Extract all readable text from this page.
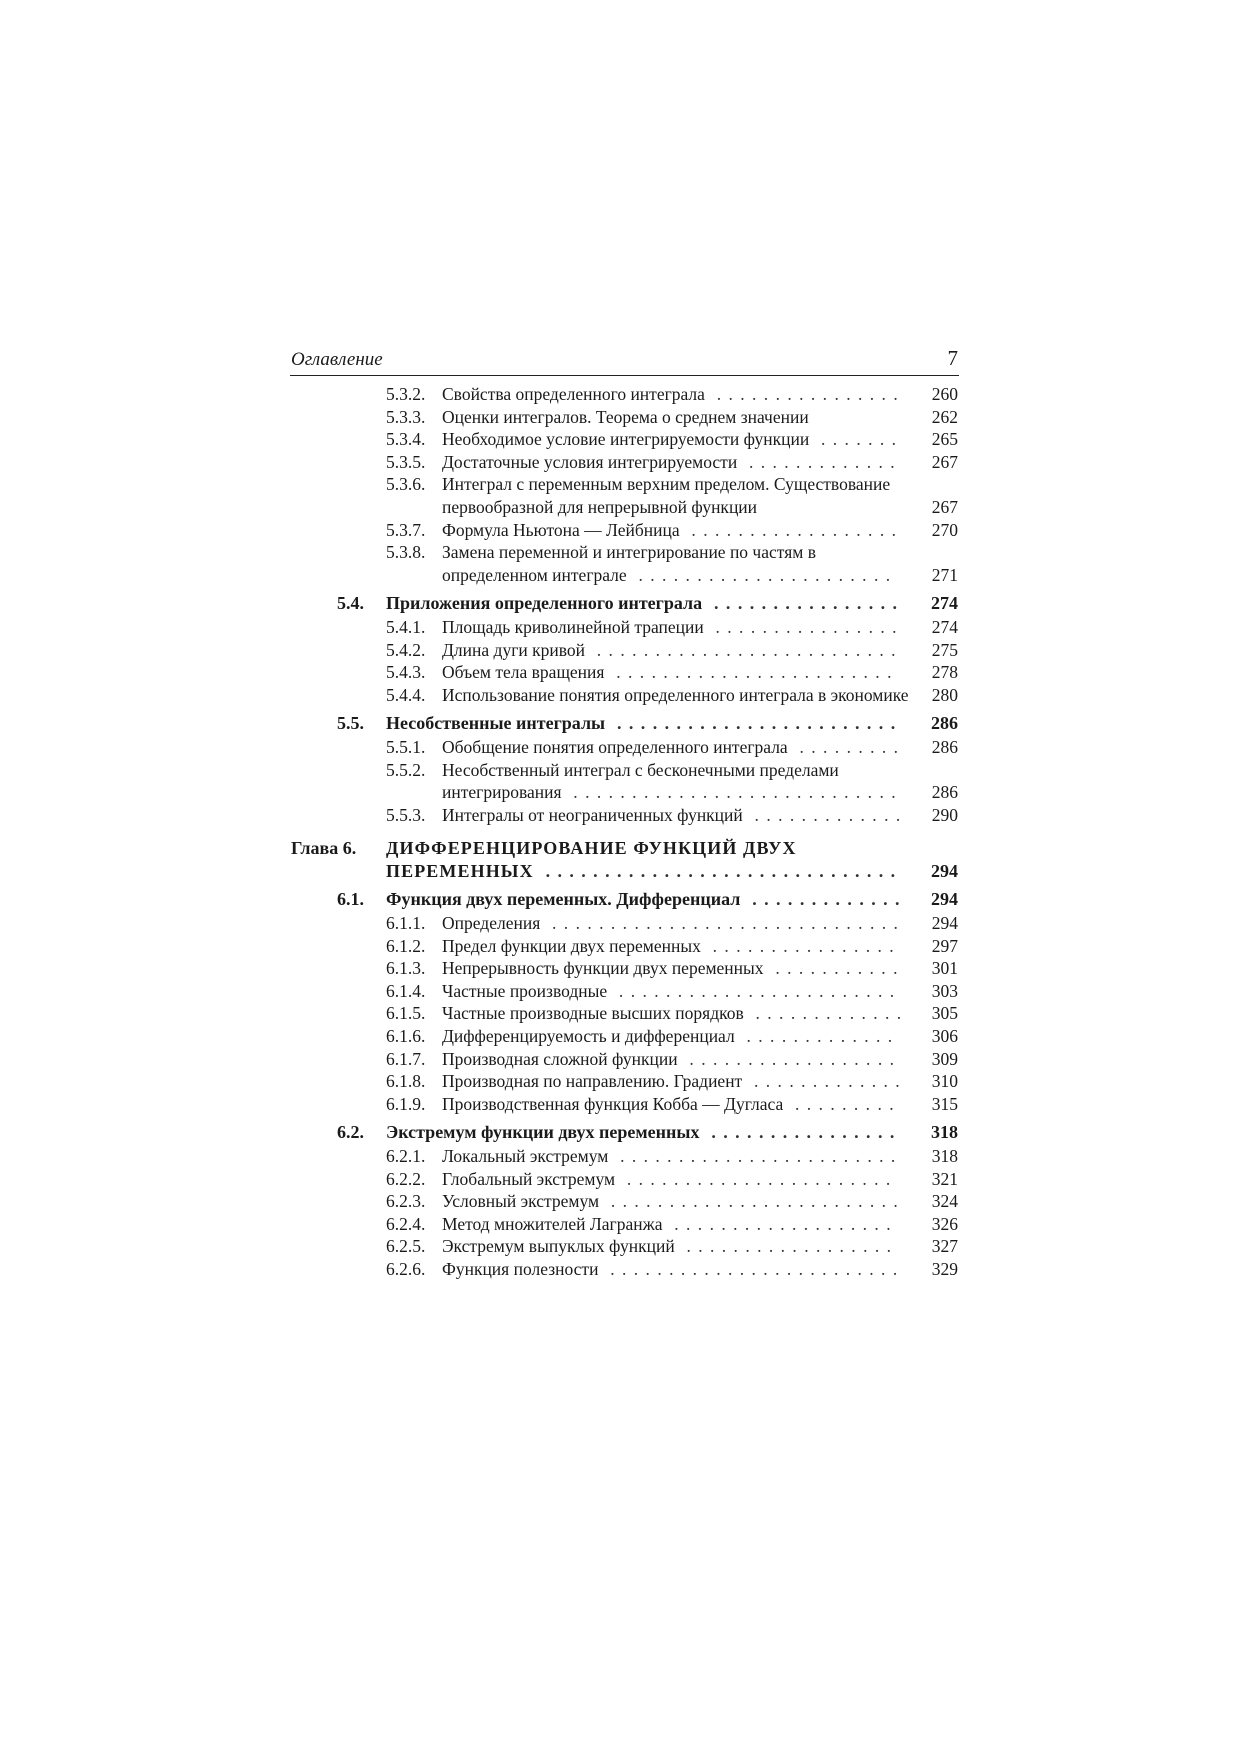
Оглавление	7
5.3.2. Свойства определенного интеграла ................	260
5.3.3. Оценки интегралов. Теорема о среднем значении	262
5.3.4. Необходимое условие интегрируемости функции .......	265
5.3.5. Достаточные условия интегрируемости .............	267
5.3.6. Интеграл с переменным верхним пределом. Существование первообразной для непрерывной функции	267
5.3.7. Формула Ньютона — Лейбница ..................	270
5.3.8. Замена переменной и интегрирование по частям в определенном интеграле ......................	271
5.4. Приложения определенного интеграла ................	274
5.4.1. Площадь криволинейной трапеции ................	274
5.4.2. Длина дуги кривой ..........................	275
5.4.3. Объем тела вращения ........................	278
5.4.4. Использование понятия определенного интеграла в экономике	280
5.5. Несобственные интегралы ........................	286
5.5.1. Обобщение понятия определенного интеграла .........	286
5.5.2. Несобственный интеграл с бесконечными пределами интегрирования ............................	286
5.5.3. Интегралы от неограниченных функций .............	290
Глава 6. ДИФФЕРЕНЦИРОВАНИЕ ФУНКЦИЙ ДВУХ ПЕРЕМЕННЫХ ..............................	294
6.1. Функция двух переменных. Дифференциал .............	294
6.1.1. Определения ..............................	294
6.1.2. Предел функции двух переменных ................	297
6.1.3. Непрерывность функции двух переменных ...........	301
6.1.4. Частные производные ........................	303
6.1.5. Частные производные высших порядков .............	305
6.1.6. Дифференцируемость и дифференциал .............	306
6.1.7. Производная сложной функции ..................	309
6.1.8. Производная по направлению. Градиент .............	310
6.1.9. Производственная функция Кобба — Дугласа .........	315
6.2. Экстремум функции двух переменных ................	318
6.2.1. Локальный экстремум ........................	318
6.2.2. Глобальный экстремум .......................	321
6.2.3. Условный экстремум .........................	324
6.2.4. Метод множителей Лагранжа ...................	326
6.2.5. Экстремум выпуклых функций ..................	327
6.2.6. Функция полезности .........................	329
